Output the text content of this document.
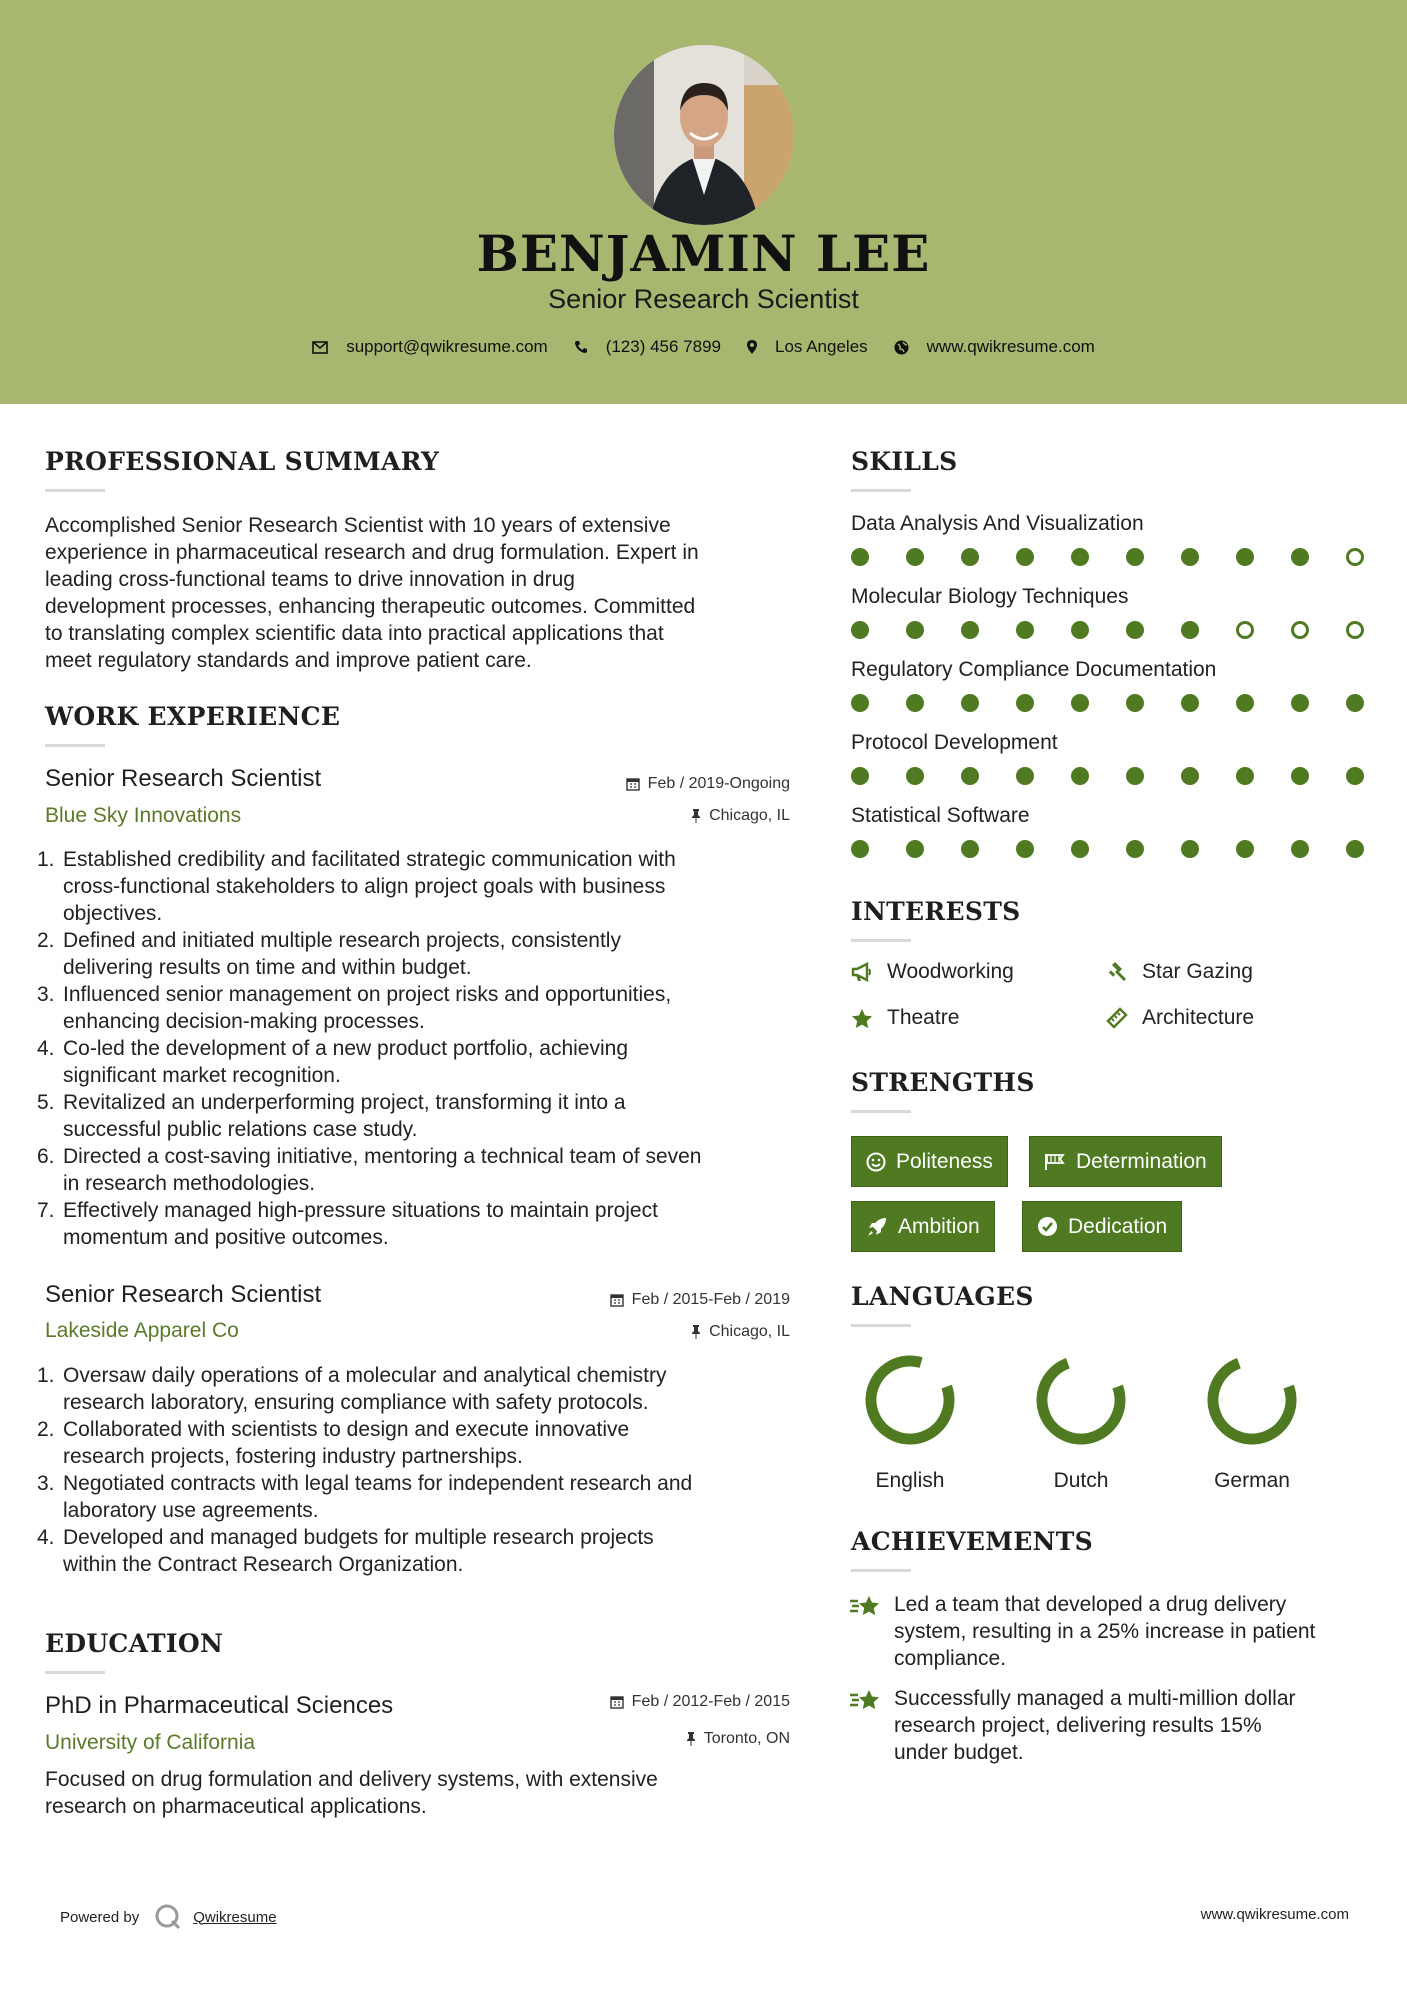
BENJAMIN LEE
Senior Research Scientist
support@qwikresume.com	(123) 456 7899	Los Angeles	www.qwikresume.com
PROFESSIONAL SUMMARY
Accomplished Senior Research Scientist with 10 years of extensive
experience in pharmaceutical research and drug formulation. Expert in
leading cross-functional teams to drive innovation in drug
development processes, enhancing therapeutic outcomes. Committed
to translating complex scientific data into practical applications that
meet regulatory standards and improve patient care.
WORK EXPERIENCE
Senior Research Scientist
Blue Sky Innovations
Feb / 2019-Ongoing
Chicago, IL
1. Established credibility and facilitated strategic communication with
cross-functional stakeholders to align project goals with business
objectives.
2. Defined and initiated multiple research projects, consistently
delivering results on time and within budget.
3. Influenced senior management on project risks and opportunities,
enhancing decision-making processes.
4. Co-led the development of a new product portfolio, achieving
significant market recognition.
5. Revitalized an underperforming project, transforming it into a
successful public relations case study.
6. Directed a cost-saving initiative, mentoring a technical team of seven
in research methodologies.
7. Effectively managed high-pressure situations to maintain project
momentum and positive outcomes.
Senior Research Scientist
Lakeside Apparel Co
Feb / 2015-Feb / 2019
Chicago, IL
1. Oversaw daily operations of a molecular and analytical chemistry
research laboratory, ensuring compliance with safety protocols.
2. Collaborated with scientists to design and execute innovative
research projects, fostering industry partnerships.
3. Negotiated contracts with legal teams for independent research and
laboratory use agreements.
4. Developed and managed budgets for multiple research projects
within the Contract Research Organization.
EDUCATION
PhD in Pharmaceutical Sciences
University of California
Feb / 2012-Feb / 2015
Toronto, ON
Focused on drug formulation and delivery systems, with extensive
research on pharmaceutical applications.
SKILLS
Data Analysis And Visualization
Molecular Biology Techniques
Regulatory Compliance Documentation
Protocol Development
Statistical Software
INTERESTS
Woodworking	Star Gazing
Theatre	Architecture
STRENGTHS
Politeness	Determination
Ambition	Dedication
LANGUAGES
English	Dutch	German
ACHIEVEMENTS
Led a team that developed a drug delivery
system, resulting in a 25% increase in patient
compliance.
Successfully managed a multi-million dollar
research project, delivering results 15%
under budget.
Powered by	Qwikresume	www.qwikresume.com
